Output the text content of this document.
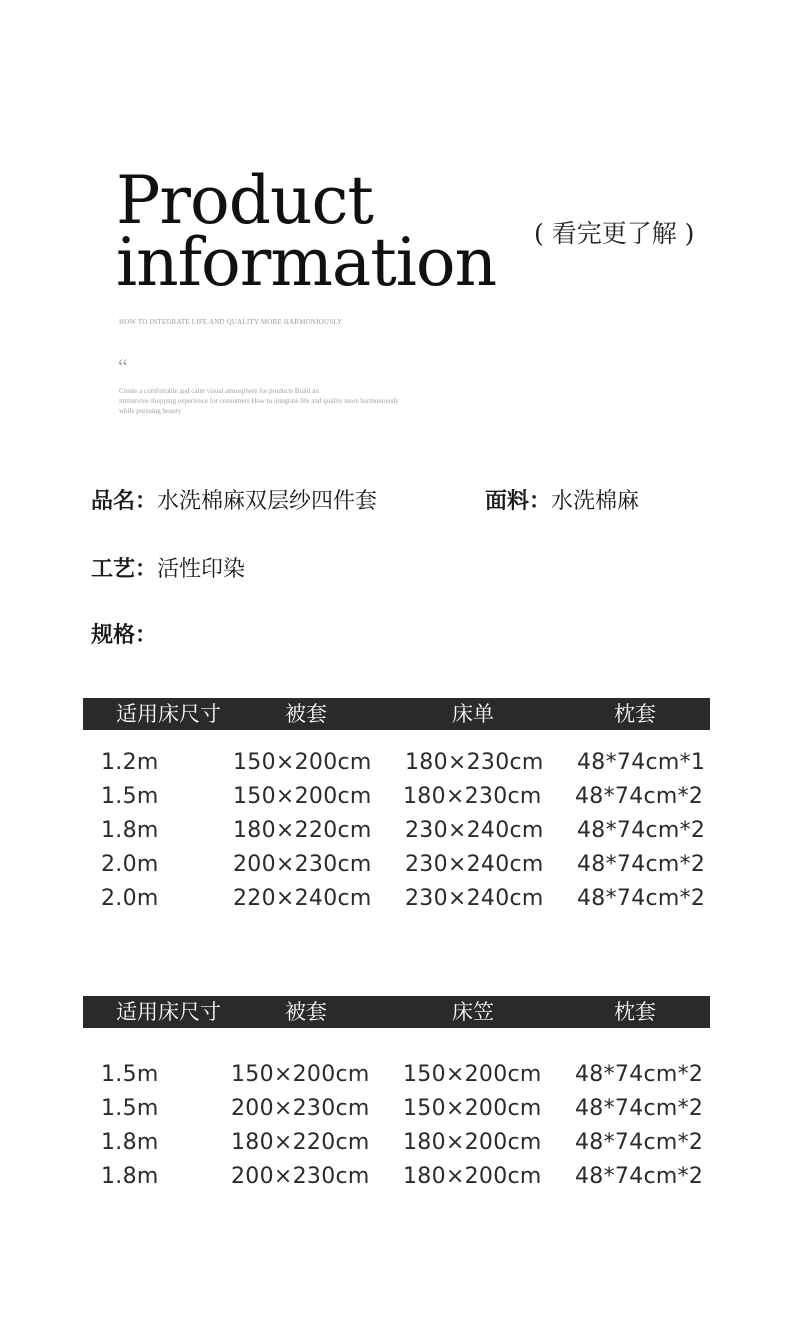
Product
information ( 看完更了解 )
HOW TO INTEGRATE LIFE AND QUALITY MORE HARMONIOUSLY
“
Create a comfortable and calm visual atmosphere for products Build an
immersive shopping experience for consumers How to integrate life and quality more harmoniously
while pursuing beauty
品名：水洗棉麻双层纱四件套	面料：水洗棉麻
工艺：活性印染
规格：
适用床尺寸	被套	床单	枕套
1.2m	150×200cm 180×230cm 48*74cm*1
1.5m	150×200cm 180×230cm 48*74cm*2
1.8m	180×220cm 230×240cm 48*74cm*2
2.0m	200×230cm 230×240cm 48*74cm*2
2.0m	220×240cm 230×240cm 48*74cm*2
适用床尺寸	被套	床笠	枕套
1.5m	150×200cm 150×200cm 48*74cm*2
1.5m	200×230cm 150×200cm 48*74cm*2
1.8m	180×220cm 180×200cm 48*74cm*2
1.8m	200×230cm 180×200cm 48*74cm*2
